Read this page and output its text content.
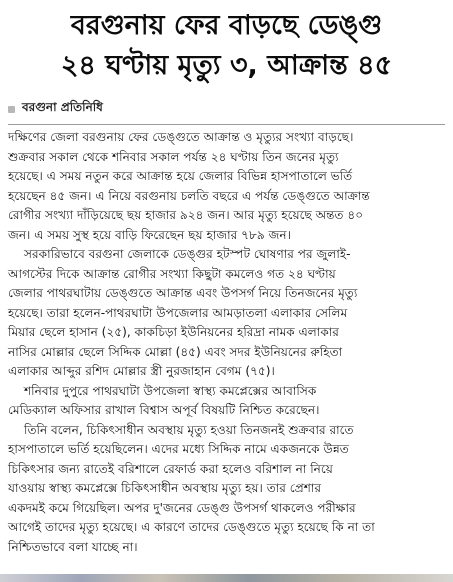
বরগুনায় ফের বাড়ছে ডেঙ্গু
২৪ ঘণ্টায় মৃত্যু ৩, আক্রান্ত ৪৫
বরগুনা প্রতিনিধি

দক্ষিণের জেলা বরগুনায় ফের ডেঙ্গুতে আক্রান্ত ও মৃত্যুর সংখ্যা বাড়ছে।
শুক্রবার সকাল থেকে শনিবার সকাল পর্যন্ত ২৪ ঘণ্টায় তিন জনের মৃত্যু
হয়েছে। এ সময় নতুন করে আক্রান্ত হয়ে জেলার বিভিন্ন হাসপাতালে ভর্তি
হয়েছেন ৪৫ জন। এ নিয়ে বরগুনায় চলতি বছরে এ পর্যন্ত ডেঙ্গুতে আক্রান্ত
রোগীর সংখ্যা দাঁড়িয়েছে ছয় হাজার ৯২৪ জন। আর মৃত্যু হয়েছে অন্তত ৪০
জন। এ সময় সুস্থ হয়ে বাড়ি ফিরেছেন ছয় হাজার ৭৮৯ জন।

সরকারিভাবে বরগুনা জেলাকে ডেঙ্গুর হটস্পট ঘোষণার পর জুলাই-
আগস্টের দিকে আক্রান্ত রোগীর সংখ্যা কিছুটা কমলেও গত ২৪ ঘণ্টায়
জেলার পাথরঘাটায় ডেঙ্গুতে আক্রান্ত এবং উপসর্গ নিয়ে তিনজনের মৃত্যু
হয়েছে। তারা হলেন-পাথরঘাটা উপজেলার আমড়াতলা এলাকার সেলিম
মিয়ার ছেলে হাসান (২৫), কাকচিড়া ইউনিয়নের হরিদ্রা নামক এলাকার
নাসির মোল্লার ছেলে সিদ্দিক মোল্লা (৪৫) এবং সদর ইউনিয়নের রুহিতা
এলাকার আব্দুর রশিদ মোল্লার স্ত্রী নুরজাহান বেগম (৭৫)।

শনিবার দুপুরে পাথরঘাটা উপজেলা স্বাস্থ্য কমপ্লেক্সের আবাসিক
মেডিক্যাল অফিসার রাখাল বিশ্বাস অপূর্ব বিষয়টি নিশ্চিত করেছেন।

তিনি বলেন, চিকিৎসাধীন অবস্থায় মৃত্যু হওয়া তিনজনই শুক্রবার রাতে
হাসপাতালে ভর্তি হয়েছিলেন। এদের মধ্যে সিদ্দিক নামে একজনকে উন্নত
চিকিৎসার জন্য রাতেই বরিশালে রেফার্ড করা হলেও বরিশাল না নিয়ে
যাওয়ায় স্বাস্থ্য কমপ্লেক্সে চিকিৎসাধীন অবস্থায় মৃত্যু হয়। তার প্রেশার
একদমই কমে গিয়েছিল। অপর দু'জনের ডেঙ্গু উপসর্গ থাকলেও পরীক্ষার
আগেই তাদের মৃত্যু হয়েছে। এ কারণে তাদের ডেঙ্গুতে মৃত্যু হয়েছে কি না তা
নিশ্চিতভাবে বলা যাচ্ছে না।
